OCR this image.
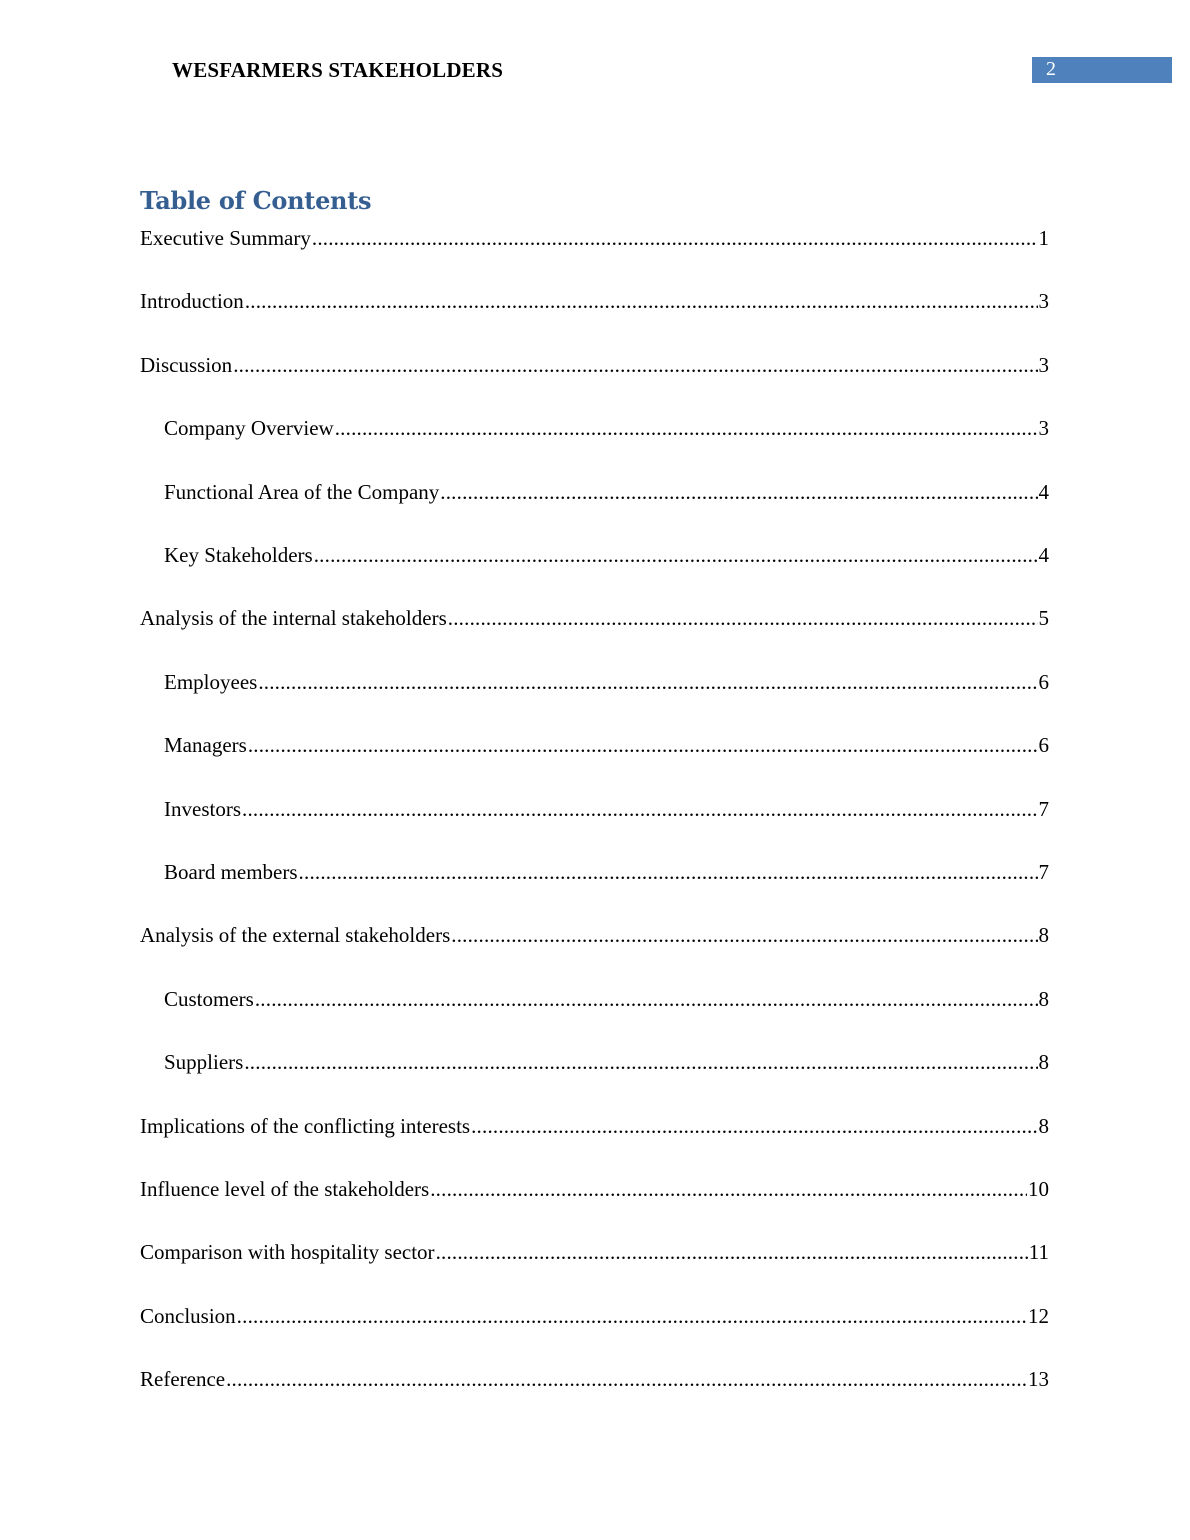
WESFARMERS STAKEHOLDERS	2
Table of Contents
Executive Summary .....	1
Introduction .....	3
Discussion .....	3
Company Overview .....	3
Functional Area of the Company .....	4
Key Stakeholders .....	4
Analysis of the internal stakeholders .....	5
Employees .....	6
Managers .....	6
Investors .....	7
Board members .....	7
Analysis of the external stakeholders .....	8
Customers .....	8
Suppliers .....	8
Implications of the conflicting interests .....	8
Influence level of the stakeholders .....	10
Comparison with hospitality sector .....	11
Conclusion .....	12
Reference .....	13
